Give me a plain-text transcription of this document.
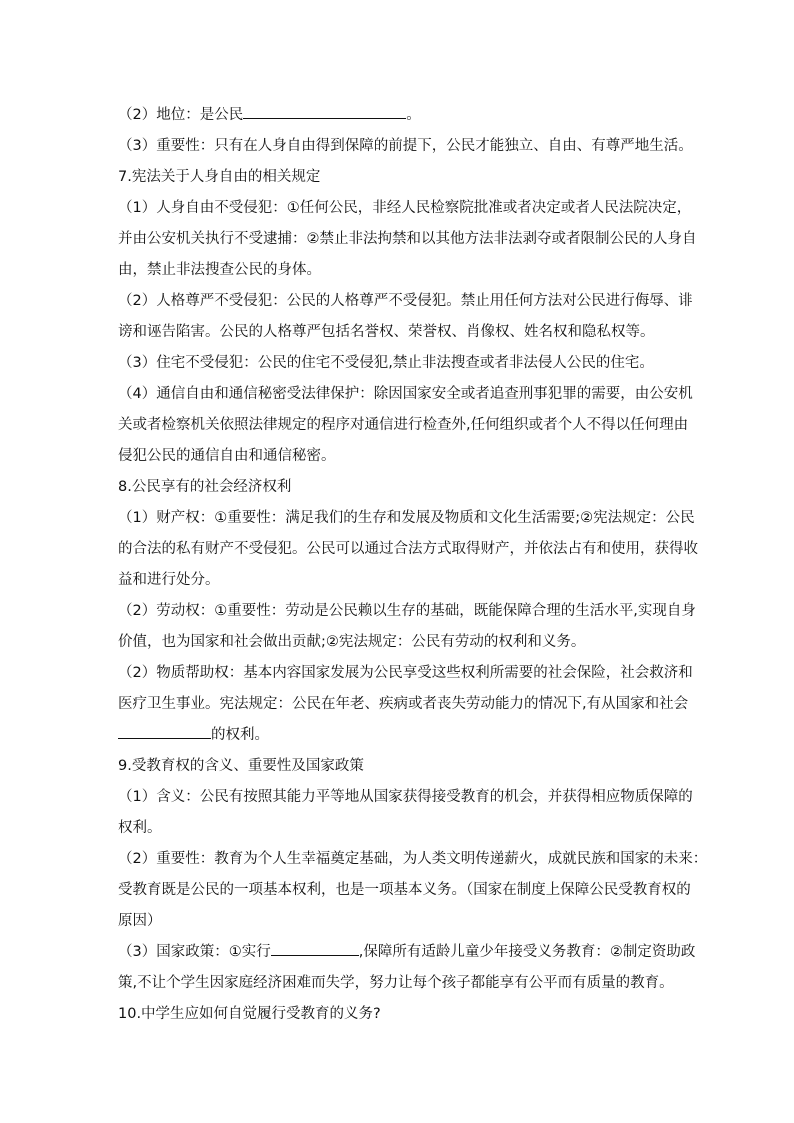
（2）地位：是公民	。
（3）重要性：只有在人身自由得到保障的前提下，公民才能独立、自由、有尊严地生活。
7.宪法关于人身自由的相关规定
（1）人身自由不受侵犯：①任何公民，非经人民检察院批准或者决定或者人民法院决定，
并由公安机关执行不受逮捕：②禁止非法拘禁和以其他方法非法剥夺或者限制公民的人身自
由，禁止非法搜查公民的身体。
（2）人格尊严不受侵犯：公民的人格尊严不受侵犯。禁止用任何方法对公民进行侮辱、诽
谤和诬告陷害。公民的人格尊严包括名誉权、荣誉权、肖像权、姓名权和隐私权等。
（3）住宅不受侵犯：公民的住宅不受侵犯,禁止非法搜查或者非法侵人公民的住宅。
（4）通信自由和通信秘密受法律保护：除因国家安全或者追查刑事犯罪的需要，由公安机
关或者检察机关依照法律规定的程序对通信进行检查外,任何组织或者个人不得以任何理由
侵犯公民的通信自由和通信秘密。
8.公民享有的社会经济权利
（1）财产权：①重要性：满足我们的生存和发展及物质和文化生活需要;②宪法规定：公民
的合法的私有财产不受侵犯。公民可以通过合法方式取得财产，并依法占有和使用，获得收
益和进行处分。
（2）劳动权：①重要性：劳动是公民赖以生存的基础，既能保障合理的生活水平,实现自身
价值，也为国家和社会做出贡献;②宪法规定：公民有劳动的权利和义务。
（2）物质帮助权：基本内容国家发展为公民享受这些权利所需要的社会保险，社会救济和
医疗卫生事业。宪法规定：公民在年老、疾病或者丧失劳动能力的情况下,有从国家和社会
的权利。
9.受教育权的含义、重要性及国家政策
（1）含义：公民有按照其能力平等地从国家获得接受教育的机会，并获得相应物质保障的
权利。
（2）重要性：教育为个人生幸福奠定基础，为人类文明传递薪火，成就民族和国家的未来：
受教育既是公民的一项基本权利，也是一项基本义务。（国家在制度上保障公民受教育权的
原因）
（3）国家政策：①实行	,保障所有适龄儿童少年接受义务教育：②制定资助政
策,不让个学生因家庭经济困难而失学，努力让每个孩子都能享有公平而有质量的教育。
10.中学生应如何自觉履行受教育的义务?
